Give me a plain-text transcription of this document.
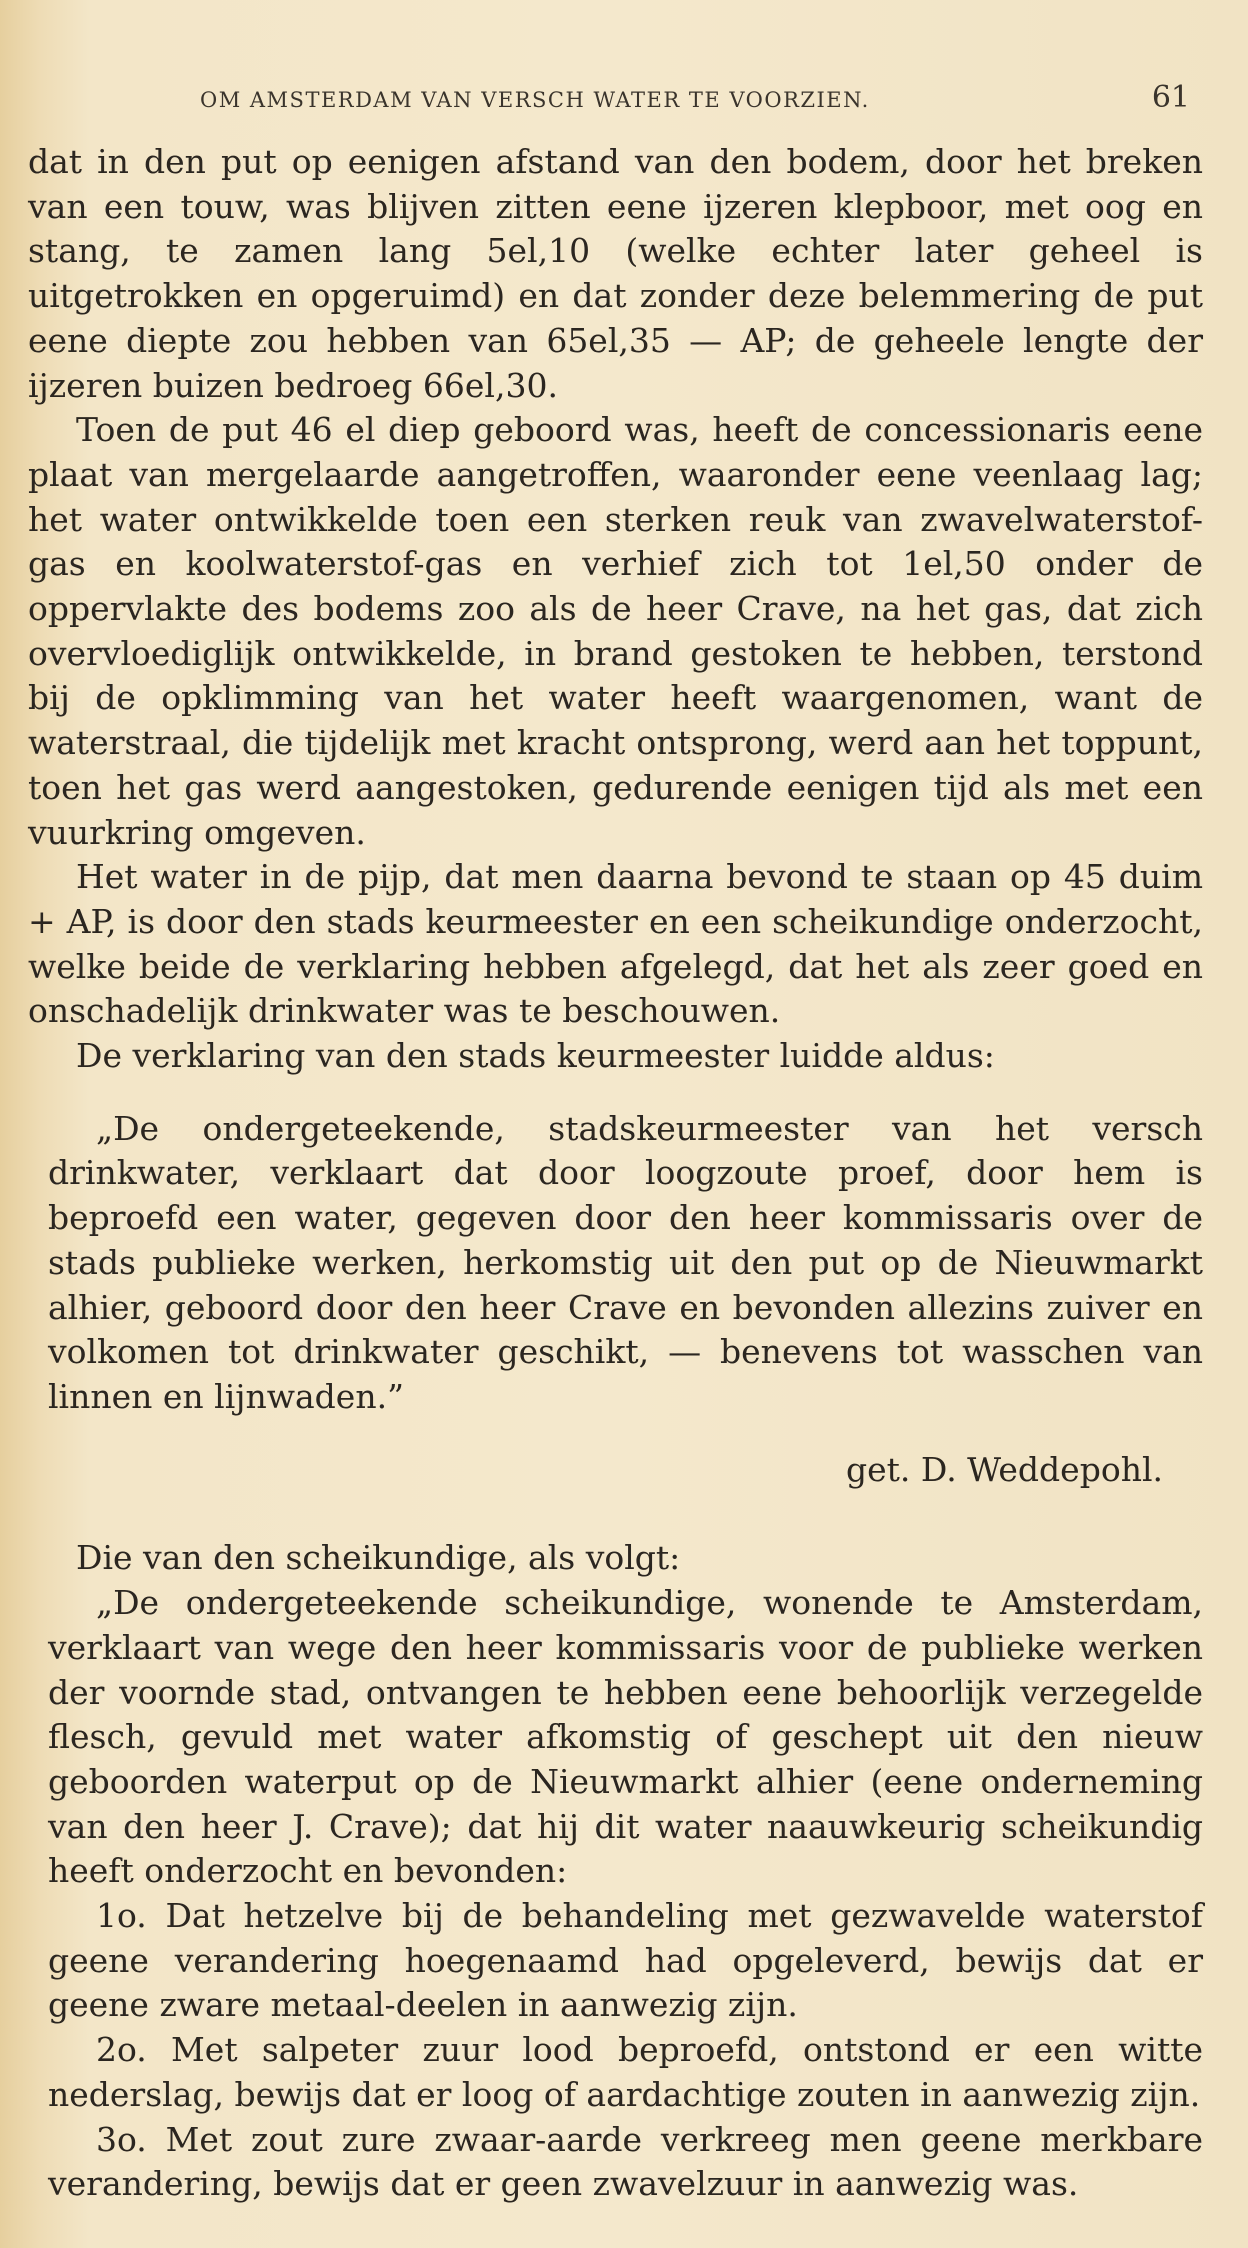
OM AMSTERDAM VAN VERSCH WATER TE VOORZIEN.	61

dat in den put op eenigen afstand van den bodem, door het breken van een touw, was blijven zitten eene ijzeren klepboor, met oog en stang, te zamen lang 5el,10 (welke echter later geheel is uitgetrokken en opgeruimd) en dat zonder deze belemmering de put eene diepte zou hebben van 65el,35 — AP; de geheele lengte der ijzeren buizen bedroeg 66el,30.

Toen de put 46 el diep geboord was, heeft de concessionaris eene plaat van mergelaarde aangetroffen, waaronder eene veenlaag lag; het water ontwikkelde toen een sterken reuk van zwavelwaterstof-gas en koolwaterstof-gas en verhief zich tot 1el,50 onder de oppervlakte des bodems zoo als de heer Crave, na het gas, dat zich overvloediglijk ontwikkelde, in brand gestoken te hebben, terstond bij de opklimming van het water heeft waargenomen, want de waterstraal, die tijdelijk met kracht ontsprong, werd aan het toppunt, toen het gas werd aangestoken, gedurende eenigen tijd als met een vuurkring omgeven.

Het water in de pijp, dat men daarna bevond te staan op 45 duim + AP, is door den stads keurmeester en een scheikundige onderzocht, welke beide de verklaring hebben afgelegd, dat het als zeer goed en onschadelijk drinkwater was te beschouwen.

De verklaring van den stads keurmeester luidde aldus:

„De ondergeteekende, stadskeurmeester van het versch drinkwater, verklaart dat door loogzoute proef, door hem is beproefd een water, gegeven door den heer kommissaris over de stads publieke werken, herkomstig uit den put op de Nieuwmarkt alhier, geboord door den heer Crave en bevonden allezins zuiver en volkomen tot drinkwater geschikt, — benevens tot wasschen van linnen en lijnwaden.”

get. D. Weddepohl.

Die van den scheikundige, als volgt:

„De ondergeteekende scheikundige, wonende te Amsterdam, verklaart van wege den heer kommissaris voor de publieke werken der voornde stad, ontvangen te hebben eene behoorlijk verzegelde flesch, gevuld met water afkomstig of geschept uit den nieuw geboorden waterput op de Nieuwmarkt alhier (eene onderneming van den heer J. Crave); dat hij dit water naauwkeurig scheikundig heeft onderzocht en bevonden:

1o. Dat hetzelve bij de behandeling met gezwavelde waterstof geene verandering hoegenaamd had opgeleverd, bewijs dat er geene zware metaal-deelen in aanwezig zijn.

2o. Met salpeter zuur lood beproefd, ontstond er een witte nederslag, bewijs dat er loog of aardachtige zouten in aanwezig zijn.

3o. Met zout zure zwaar-aarde verkreeg men geene merkbare verandering, bewijs dat er geen zwavelzuur in aanwezig was.
